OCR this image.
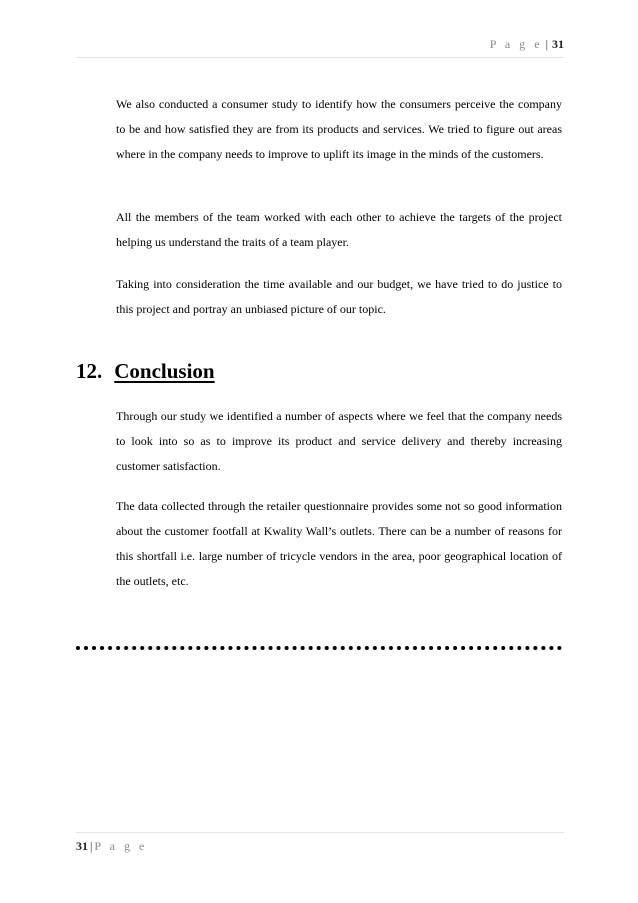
P a g e | 31

We also conducted a consumer study to identify how the consumers perceive the company to be and how satisfied they are from its products and services. We tried to figure out areas where in the company needs to improve to uplift its image in the minds of the customers.

All the members of the team worked with each other to achieve the targets of the project helping us understand the traits of a team player.

Taking into consideration the time available and our budget, we have tried to do justice to this project and portray an unbiased picture of our topic.

12. Conclusion

Through our study we identified a number of aspects where we feel that the company needs to look into so as to improve its product and service delivery and thereby increasing customer satisfaction.

The data collected through the retailer questionnaire provides some not so good information about the customer footfall at Kwality Wall’s outlets. There can be a number of reasons for this shortfall i.e. large number of tricycle vendors in the area, poor geographical location of the outlets, etc.

31 | P a g e
